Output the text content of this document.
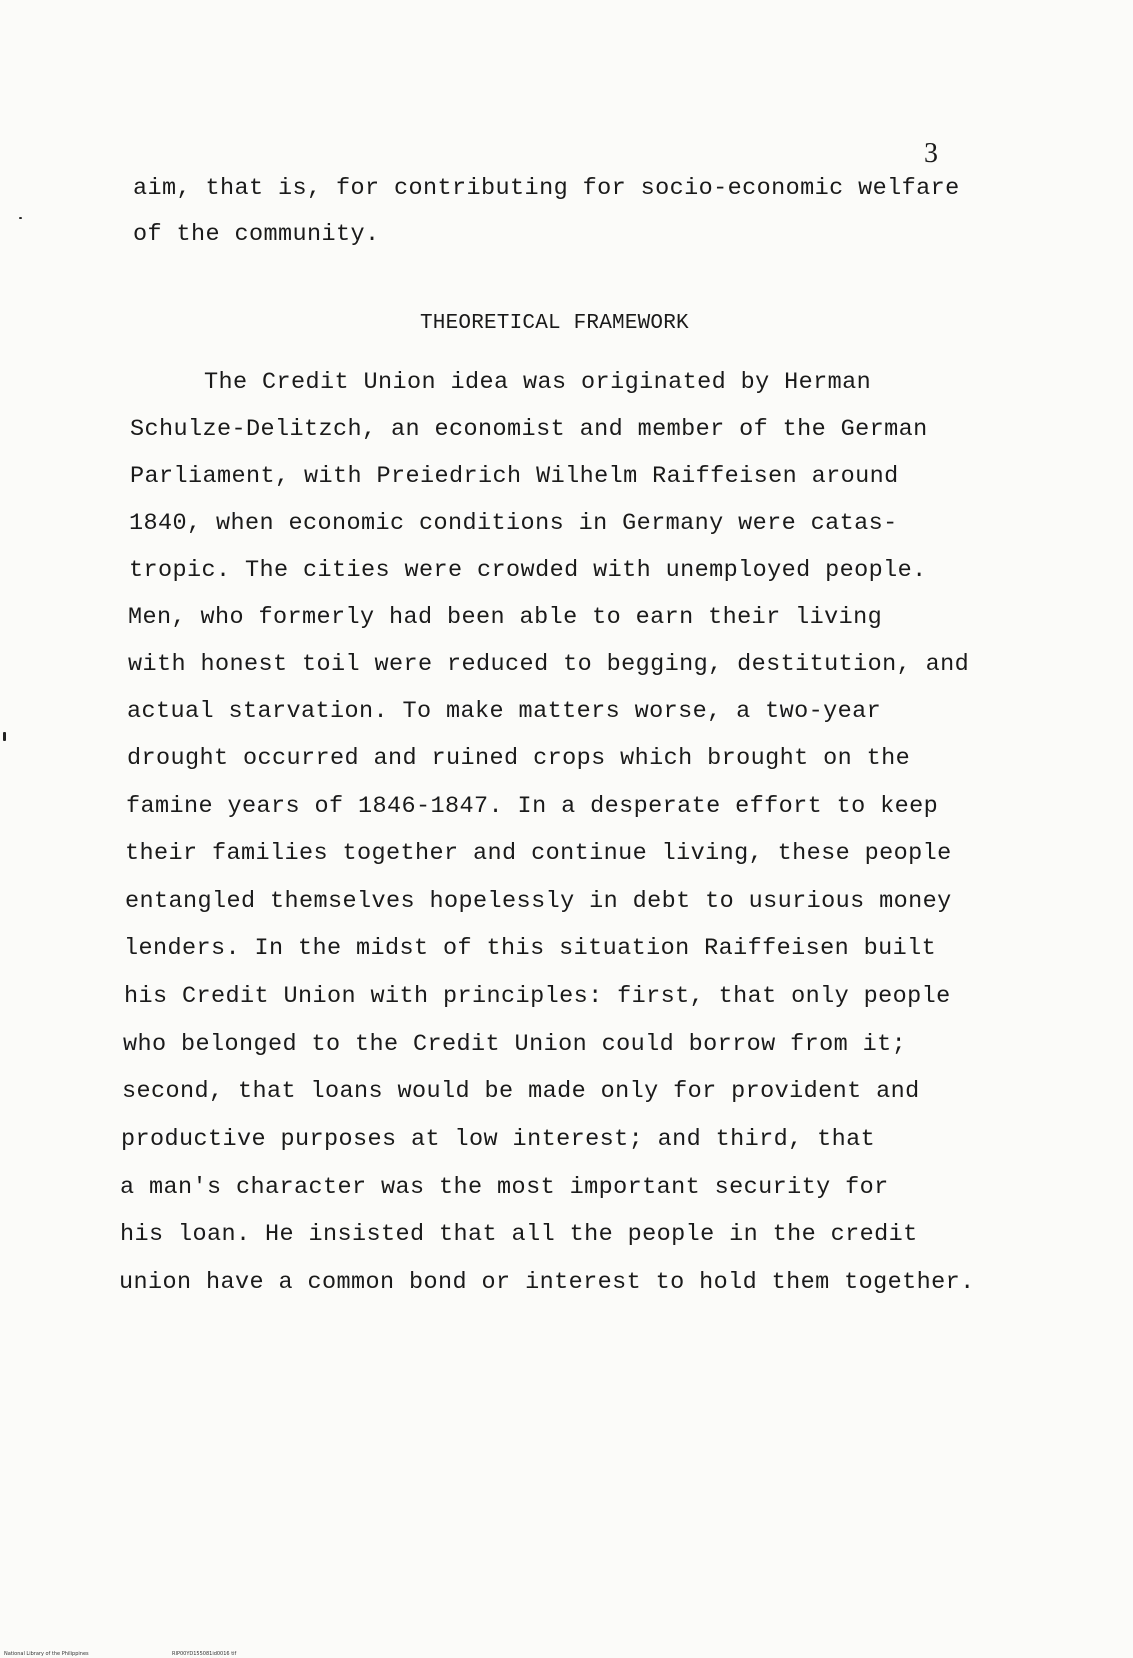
3
aim, that is, for contributing for socio-economic welfare
of the community.
THEORETICAL FRAMEWORK
The Credit Union idea was originated by Herman
Schulze-Delitzch, an economist and member of the German
Parliament, with Preiedrich Wilhelm Raiffeisen around
1840, when economic conditions in Germany were catas-
tropic. The cities were crowded with unemployed people.
Men, who formerly had been able to earn their living
with honest toil were reduced to begging, destitution, and
actual starvation. To make matters worse, a two-year
drought occurred and ruined crops which brought on the
famine years of 1846-1847. In a desperate effort to keep
their families together and continue living, these people
entangled themselves hopelessly in debt to usurious money
lenders. In the midst of this situation Raiffeisen built
his Credit Union with principles: first, that only people
who belonged to the Credit Union could borrow from it;
second, that loans would be made only for provident and
productive purposes at low interest; and third, that
a man's character was the most important security for
his loan. He insisted that all the people in the credit
union have a common bond or interest to hold them together.
National Library of the Philippines	RIP00YD155081id0016 tif
